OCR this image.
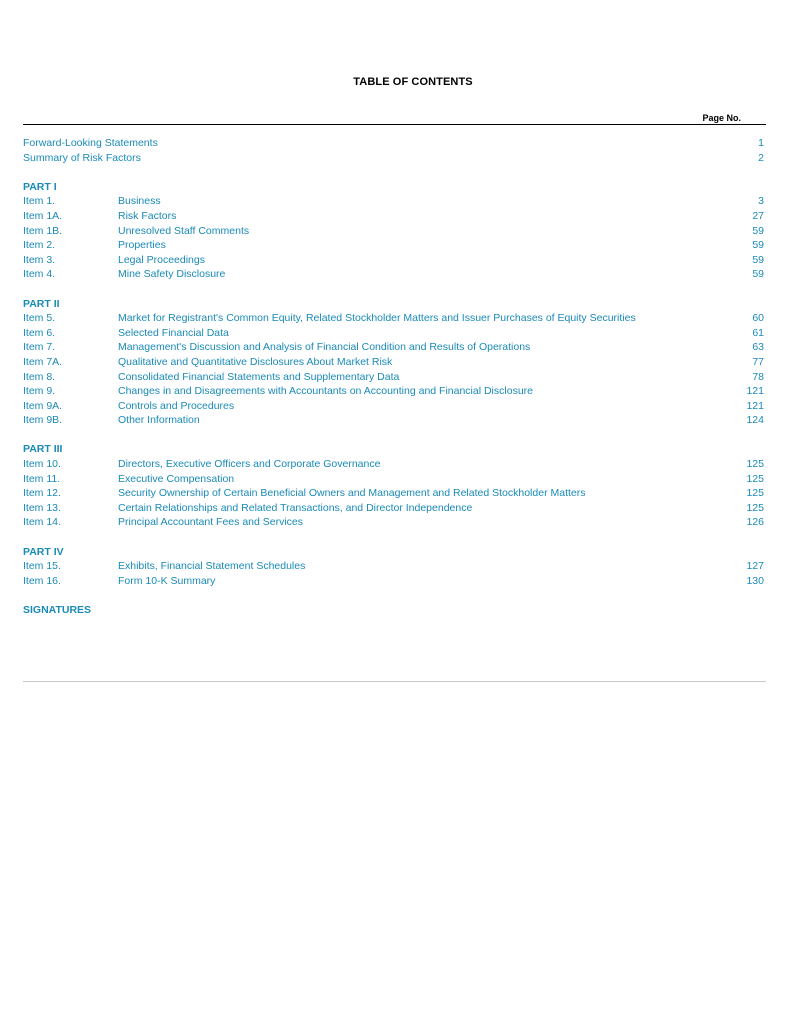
TABLE OF CONTENTS
Page No.
Forward-Looking Statements	1
Summary of Risk Factors	2
PART I
Item 1.	Business	3
Item 1A.	Risk Factors	27
Item 1B.	Unresolved Staff Comments	59
Item 2.	Properties	59
Item 3.	Legal Proceedings	59
Item 4.	Mine Safety Disclosure	59
PART II
Item 5.	Market for Registrant's Common Equity, Related Stockholder Matters and Issuer Purchases of Equity Securities	60
Item 6.	Selected Financial Data	61
Item 7.	Management's Discussion and Analysis of Financial Condition and Results of Operations	63
Item 7A.	Qualitative and Quantitative Disclosures About Market Risk	77
Item 8.	Consolidated Financial Statements and Supplementary Data	78
Item 9.	Changes in and Disagreements with Accountants on Accounting and Financial Disclosure	121
Item 9A.	Controls and Procedures	121
Item 9B.	Other Information	124
PART III
Item 10.	Directors, Executive Officers and Corporate Governance	125
Item 11.	Executive Compensation	125
Item 12.	Security Ownership of Certain Beneficial Owners and Management and Related Stockholder Matters	125
Item 13.	Certain Relationships and Related Transactions, and Director Independence	125
Item 14.	Principal Accountant Fees and Services	126
PART IV
Item 15.	Exhibits, Financial Statement Schedules	127
Item 16.	Form 10-K Summary	130
SIGNATURES
